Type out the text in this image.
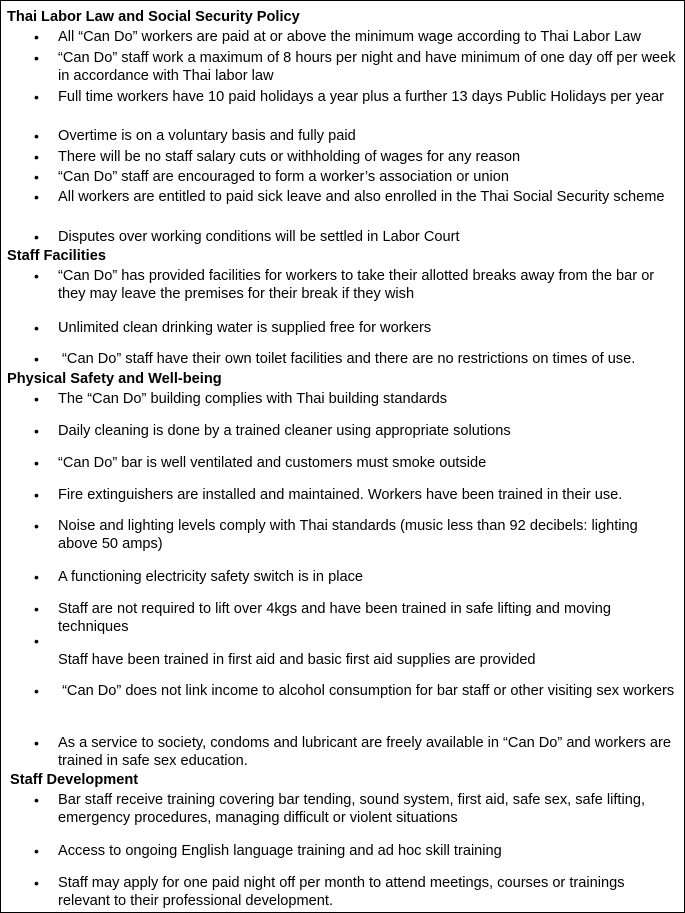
Thai Labor Law and Social Security Policy
• All “Can Do” workers are paid at or above the minimum wage according to Thai Labor Law
• “Can Do” staff work a maximum of 8 hours per night and have minimum of one day off per week in accordance with Thai labor law
• Full time workers have 10 paid holidays a year plus a further 13 days Public Holidays per year
• Overtime is on a voluntary basis and fully paid
• There will be no staff salary cuts or withholding of wages for any reason
• “Can Do” staff are encouraged to form a worker’s association or union
• All workers are entitled to paid sick leave and also enrolled in the Thai Social Security scheme
• Disputes over working conditions will be settled in Labor Court
Staff Facilities
• “Can Do” has provided facilities for workers to take their allotted breaks away from the bar or they may leave the premises for their break if they wish
• Unlimited clean drinking water is supplied free for workers
• “Can Do” staff have their own toilet facilities and there are no restrictions on times of use.
Physical Safety and Well-being
• The “Can Do” building complies with Thai building standards
• Daily cleaning is done by a trained cleaner using appropriate solutions
• “Can Do” bar is well ventilated and customers must smoke outside
• Fire extinguishers are installed and maintained. Workers have been trained in their use.
• Noise and lighting levels comply with Thai standards (music less than 92 decibels: lighting above 50 amps)
• A functioning electricity safety switch is in place
• Staff are not required to lift over 4kgs and have been trained in safe lifting and moving techniques
•
Staff have been trained in first aid and basic first aid supplies are provided
• “Can Do” does not link income to alcohol consumption for bar staff or other visiting sex workers
• As a service to society, condoms and lubricant are freely available in “Can Do” and workers are trained in safe sex education.
Staff Development
• Bar staff receive training covering bar tending, sound system, first aid, safe sex, safe lifting, emergency procedures, managing difficult or violent situations
• Access to ongoing English language training and ad hoc skill training
• Staff may apply for one paid night off per month to attend meetings, courses or trainings relevant to their professional development.
